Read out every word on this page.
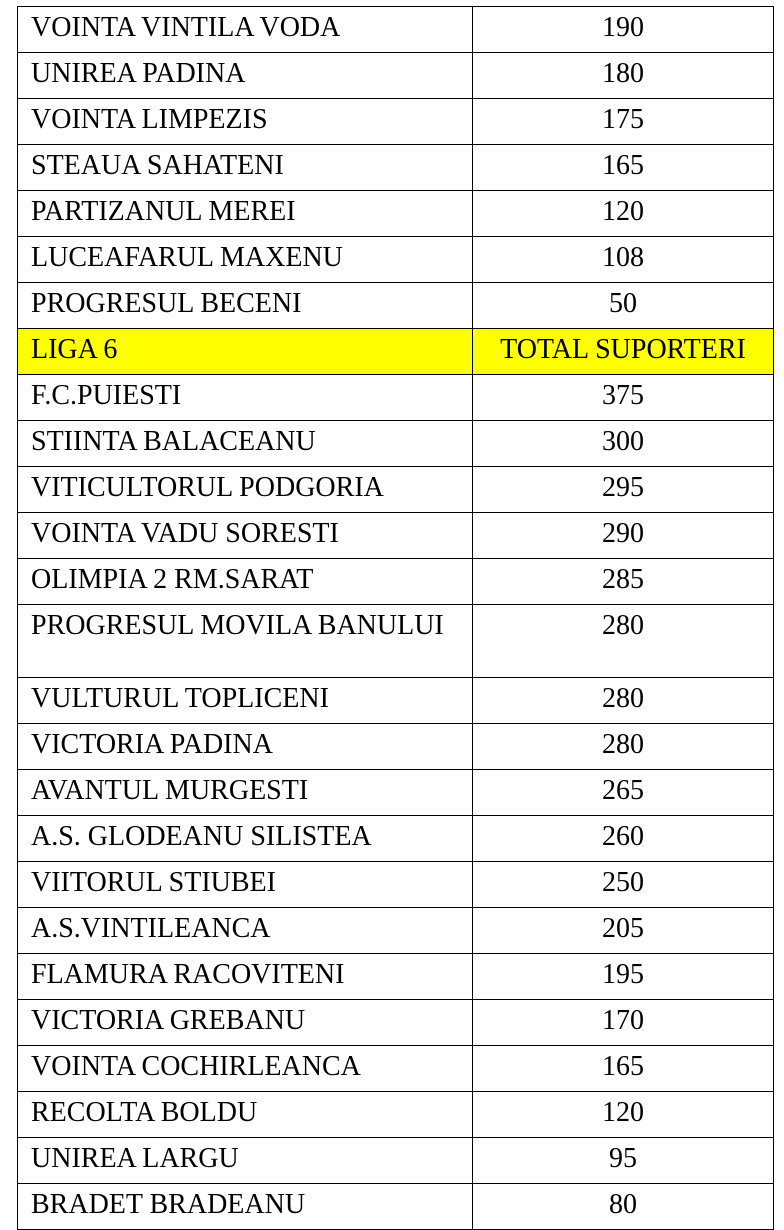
VOINTA VINTILA VODA	190
UNIREA PADINA	180
VOINTA LIMPEZIS	175
STEAUA SAHATENI	165
PARTIZANUL MEREI	120
LUCEAFARUL MAXENU	108
PROGRESUL BECENI	50
LIGA 6	TOTAL SUPORTERI
F.C.PUIESTI	375
STIINTA BALACEANU	300
VITICULTORUL PODGORIA	295
VOINTA VADU SORESTI	290
OLIMPIA 2 RM.SARAT	285
PROGRESUL MOVILA BANULUI	280
VULTURUL TOPLICENI	280
VICTORIA PADINA	280
AVANTUL MURGESTI	265
A.S. GLODEANU SILISTEA	260
VIITORUL STIUBEI	250
A.S.VINTILEANCA	205
FLAMURA RACOVITENI	195
VICTORIA GREBANU	170
VOINTA COCHIRLEANCA	165
RECOLTA BOLDU	120
UNIREA LARGU	95
BRADET BRADEANU	80
